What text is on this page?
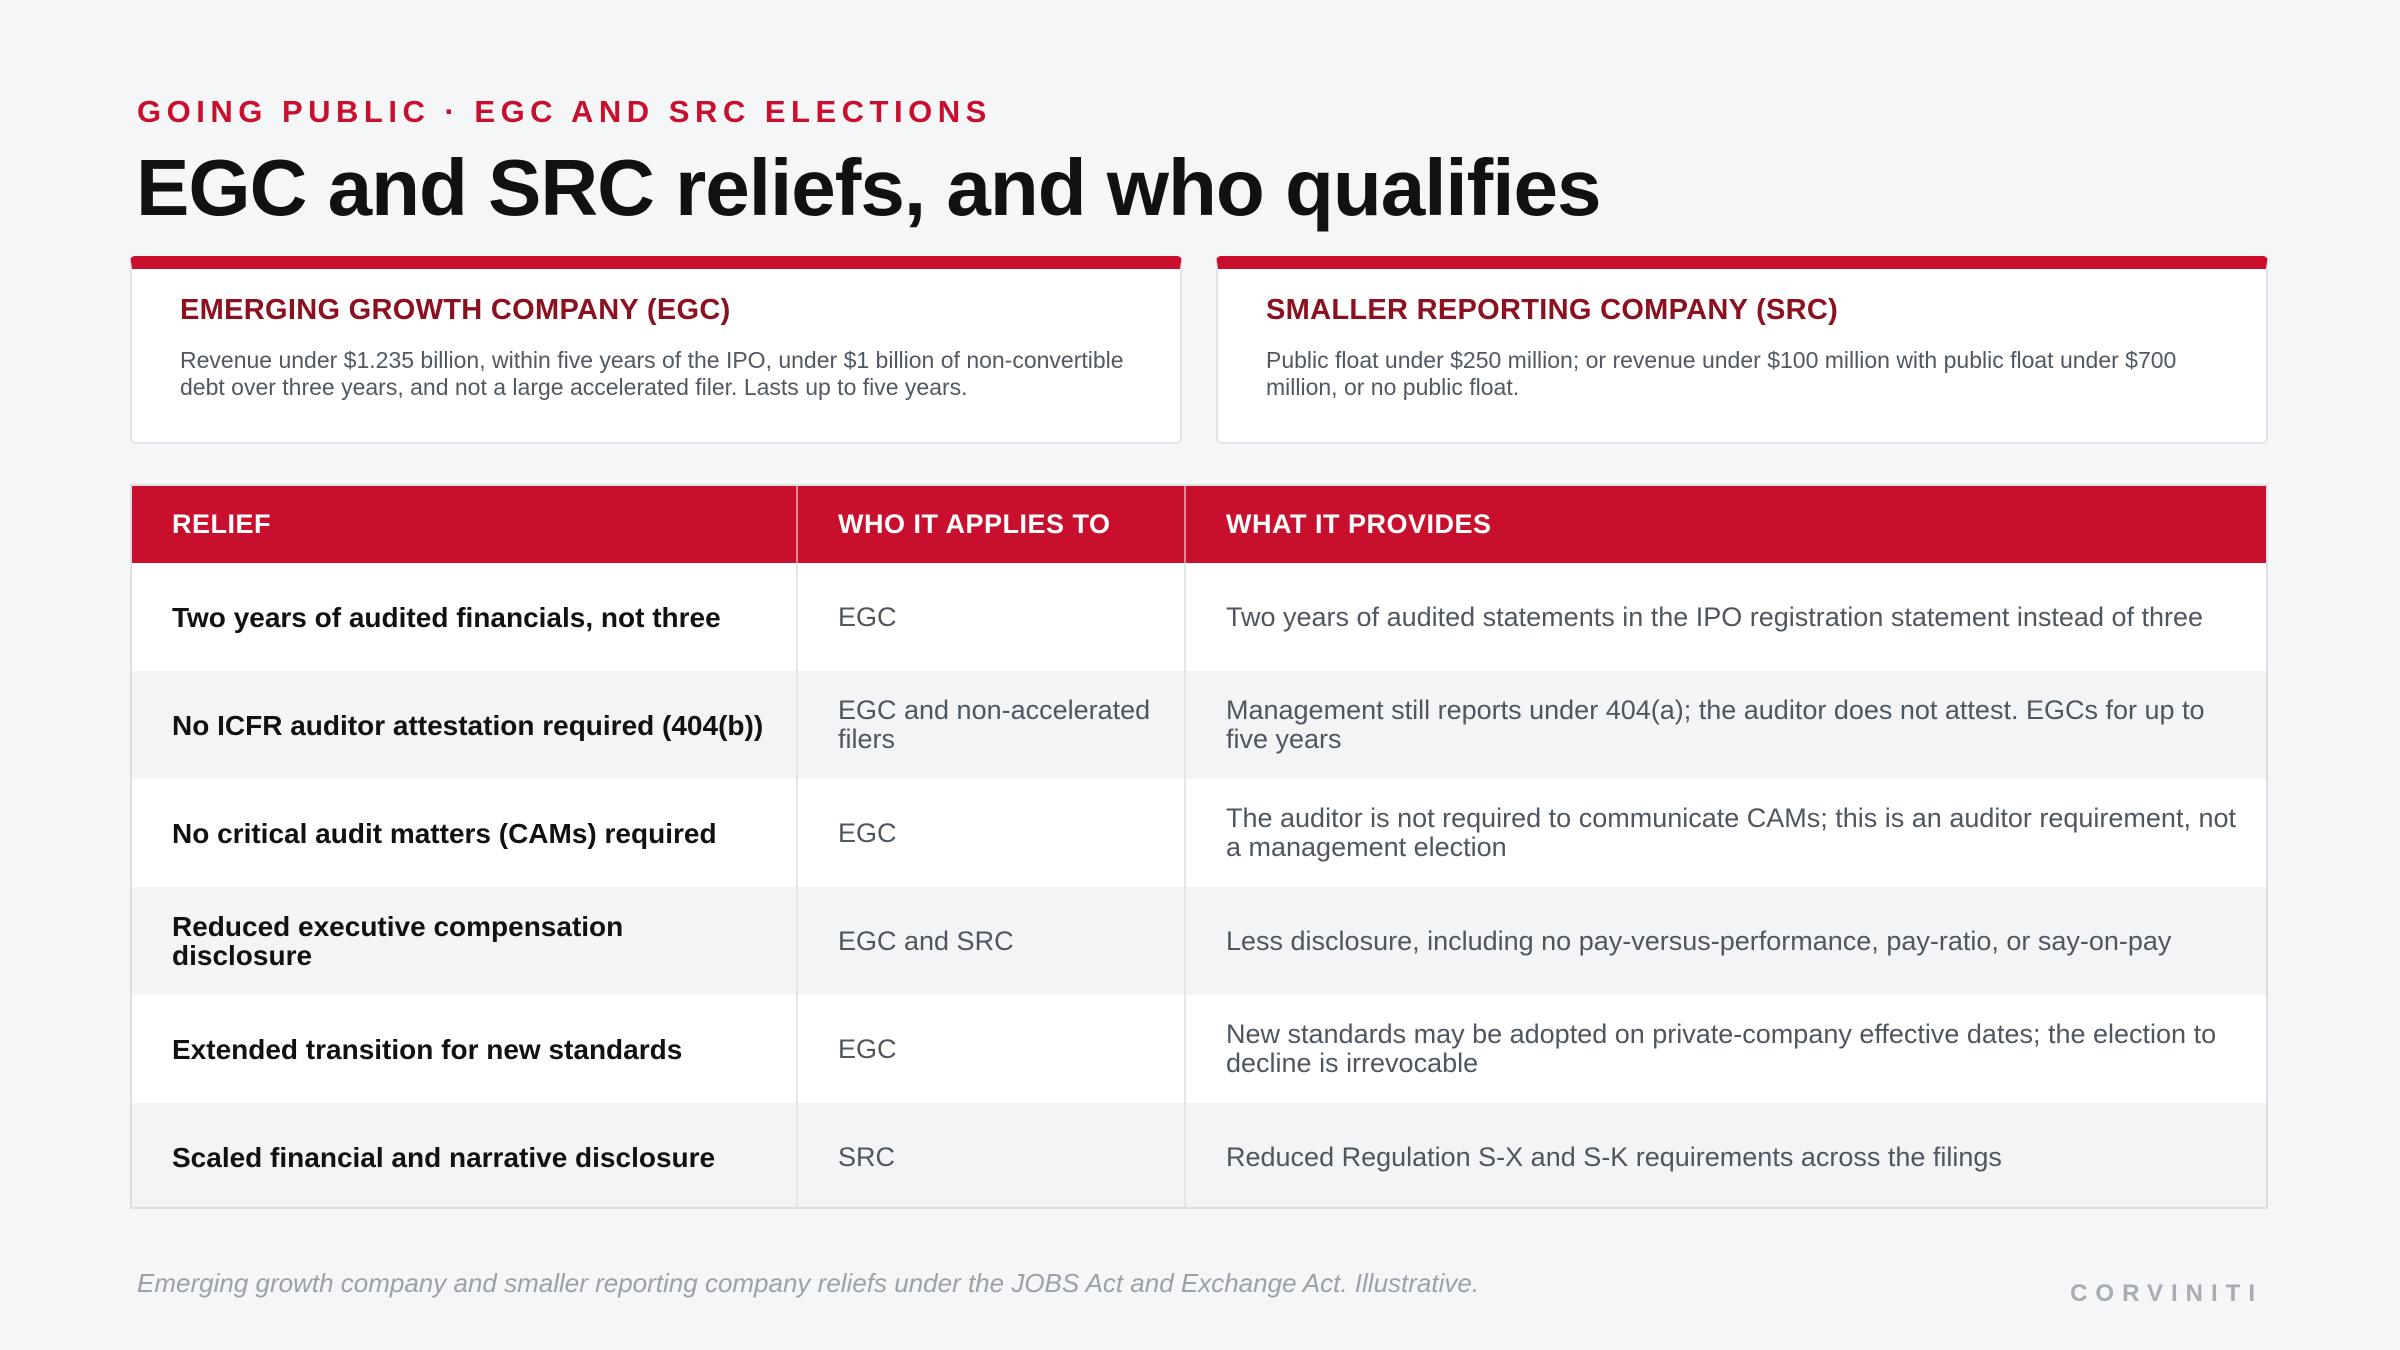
GOING PUBLIC · EGC AND SRC ELECTIONS
EGC and SRC reliefs, and who qualifies
EMERGING GROWTH COMPANY (EGC)

Revenue under $1.235 billion, within five years of the IPO, under $1 billion of non-convertible debt over three years, and not a large accelerated filer. Lasts up to five years.

SMALLER REPORTING COMPANY (SRC)

Public float under $250 million; or revenue under $100 million with public float under $700 million, or no public float.

RELIEF	WHO IT APPLIES TO	WHAT IT PROVIDES
Two years of audited financials, not three	EGC	Two years of audited statements in the IPO registration statement instead of three
No ICFR auditor attestation required (404(b))	EGC and non-accelerated filers	Management still reports under 404(a); the auditor does not attest. EGCs for up to five years
No critical audit matters (CAMs) required	EGC	The auditor is not required to communicate CAMs; this is an auditor requirement, not a management election
Reduced executive compensation disclosure	EGC and SRC	Less disclosure, including no pay-versus-performance, pay-ratio, or say-on-pay
Extended transition for new standards	EGC	New standards may be adopted on private-company effective dates; the election to decline is irrevocable
Scaled financial and narrative disclosure	SRC	Reduced Regulation S-X and S-K requirements across the filings
Emerging growth company and smaller reporting company reliefs under the JOBS Act and Exchange Act. Illustrative.	CORVINITI
